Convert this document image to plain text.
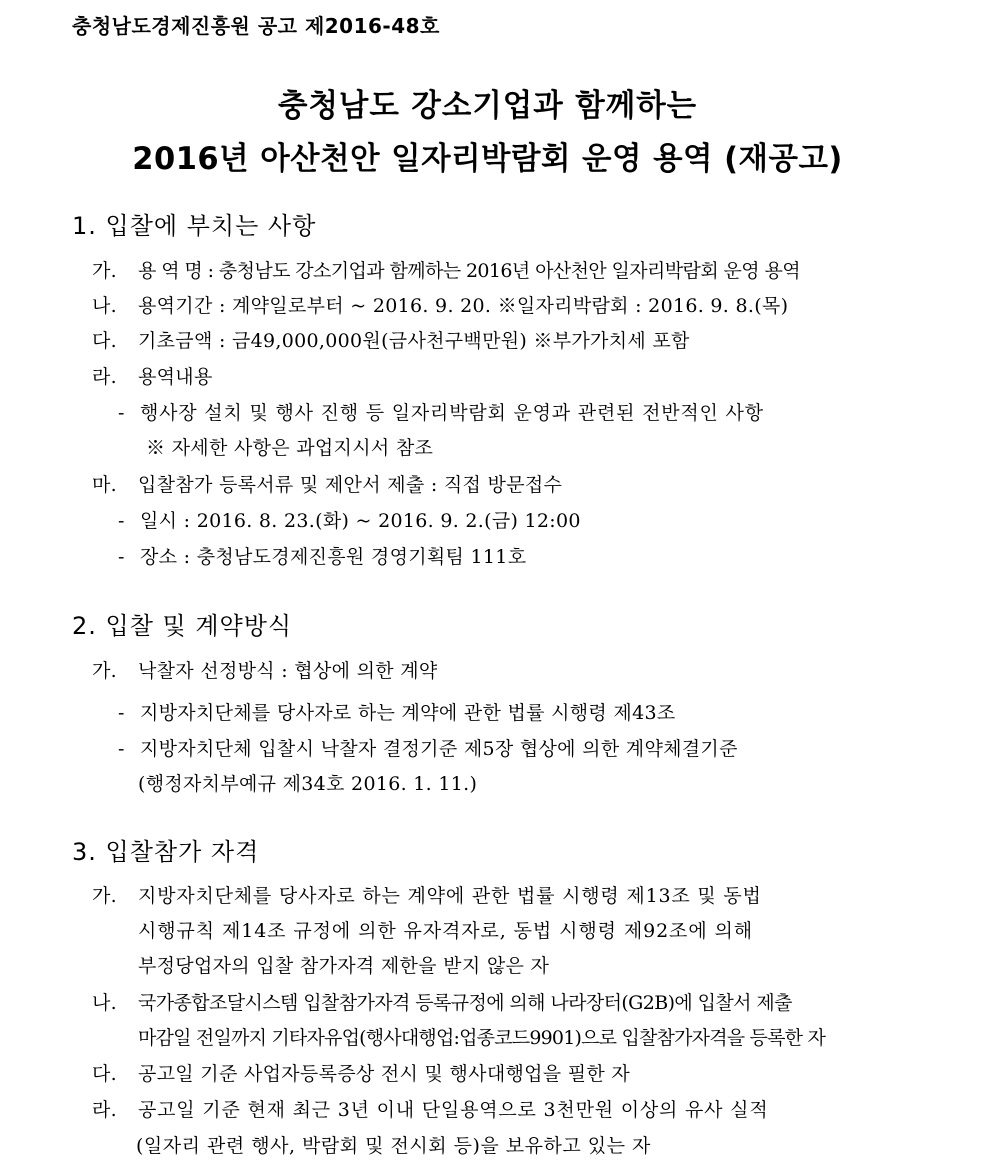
충청남도경제진흥원 공고 제2016-48호
충청남도 강소기업과 함께하는
2016년 아산천안 일자리박람회 운영 용역 (재공고)
1. 입찰에 부치는 사항
가. 용 역 명 : 충청남도 강소기업과 함께하는 2016년 아산천안 일자리박람회 운영 용역
나. 용역기간 : 계약일로부터 ~ 2016. 9. 20. ※일자리박람회 : 2016. 9. 8.(목)
다. 기초금액 : 금49,000,000원(금사천구백만원) ※부가가치세 포함
라. 용역내용
- 행사장 설치 및 행사 진행 등 일자리박람회 운영과 관련된 전반적인 사항
※ 자세한 사항은 과업지시서 참조
마. 입찰참가 등록서류 및 제안서 제출 : 직접 방문접수
- 일시 : 2016. 8. 23.(화) ~ 2016. 9. 2.(금) 12:00
- 장소 : 충청남도경제진흥원 경영기획팀 111호
2. 입찰 및 계약방식
가. 낙찰자 선정방식 : 협상에 의한 계약
- 지방자치단체를 당사자로 하는 계약에 관한 법률 시행령 제43조
- 지방자치단체 입찰시 낙찰자 결정기준 제5장 협상에 의한 계약체결기준
(행정자치부예규 제34호 2016. 1. 11.)
3. 입찰참가 자격
가. 지방자치단체를 당사자로 하는 계약에 관한 법률 시행령 제13조 및 동법
시행규칙 제14조 규정에 의한 유자격자로, 동법 시행령 제92조에 의해
부정당업자의 입찰 참가자격 제한을 받지 않은 자
나. 국가종합조달시스템 입찰참가자격 등록규정에 의해 나라장터(G2B)에 입찰서 제출
마감일 전일까지 기타자유업(행사대행업:업종코드9901)으로 입찰참가자격을 등록한 자
다. 공고일 기준 사업자등록증상 전시 및 행사대행업을 필한 자
라. 공고일 기준 현재 최근 3년 이내 단일용역으로 3천만원 이상의 유사 실적
(일자리 관련 행사, 박람회 및 전시회 등)을 보유하고 있는 자
